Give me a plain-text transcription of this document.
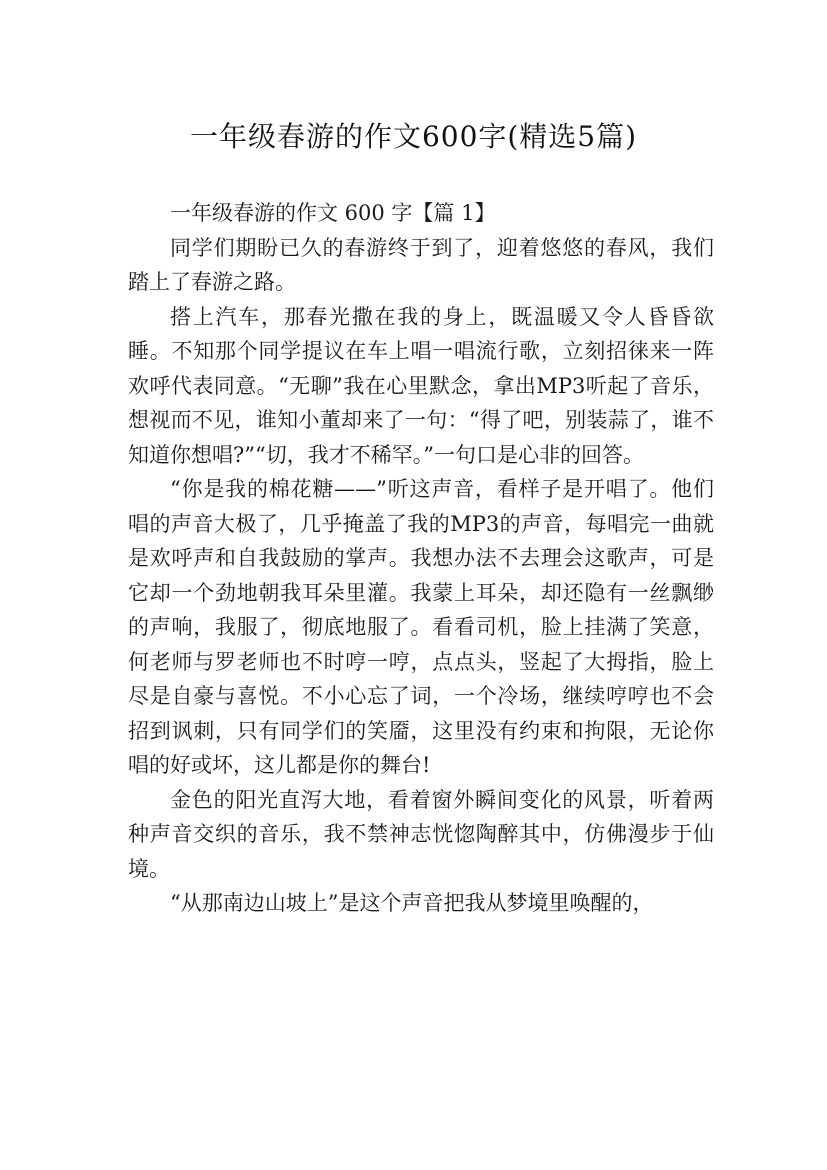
一年级春游的作文600字(精选5篇)

一年级春游的作文 600 字【篇 1】

同学们期盼已久的春游终于到了，迎着悠悠的春风，我们踏上了春游之路。

搭上汽车，那春光撒在我的身上，既温暖又令人昏昏欲睡。不知那个同学提议在车上唱一唱流行歌，立刻招徕来一阵欢呼代表同意。“无聊”我在心里默念，拿出MP3听起了音乐，想视而不见，谁知小董却来了一句：“得了吧，别装蒜了，谁不知道你想唱?”“切，我才不稀罕。”一句口是心非的回答。

“你是我的棉花糖——”听这声音，看样子是开唱了。他们唱的声音大极了，几乎掩盖了我的MP3的声音，每唱完一曲就是欢呼声和自我鼓励的掌声。我想办法不去理会这歌声，可是它却一个劲地朝我耳朵里灌。我蒙上耳朵，却还隐有一丝飘缈的声响，我服了，彻底地服了。看看司机，脸上挂满了笑意，何老师与罗老师也不时哼一哼，点点头，竖起了大拇指，脸上尽是自豪与喜悦。不小心忘了词，一个冷场，继续哼哼也不会招到讽刺，只有同学们的笑靥，这里没有约束和拘限，无论你唱的好或坏，这儿都是你的舞台!

金色的阳光直泻大地，看着窗外瞬间变化的风景，听着两种声音交织的音乐，我不禁神志恍惚陶醉其中，仿佛漫步于仙境。

“从那南边山坡上”是这个声音把我从梦境里唤醒的，
